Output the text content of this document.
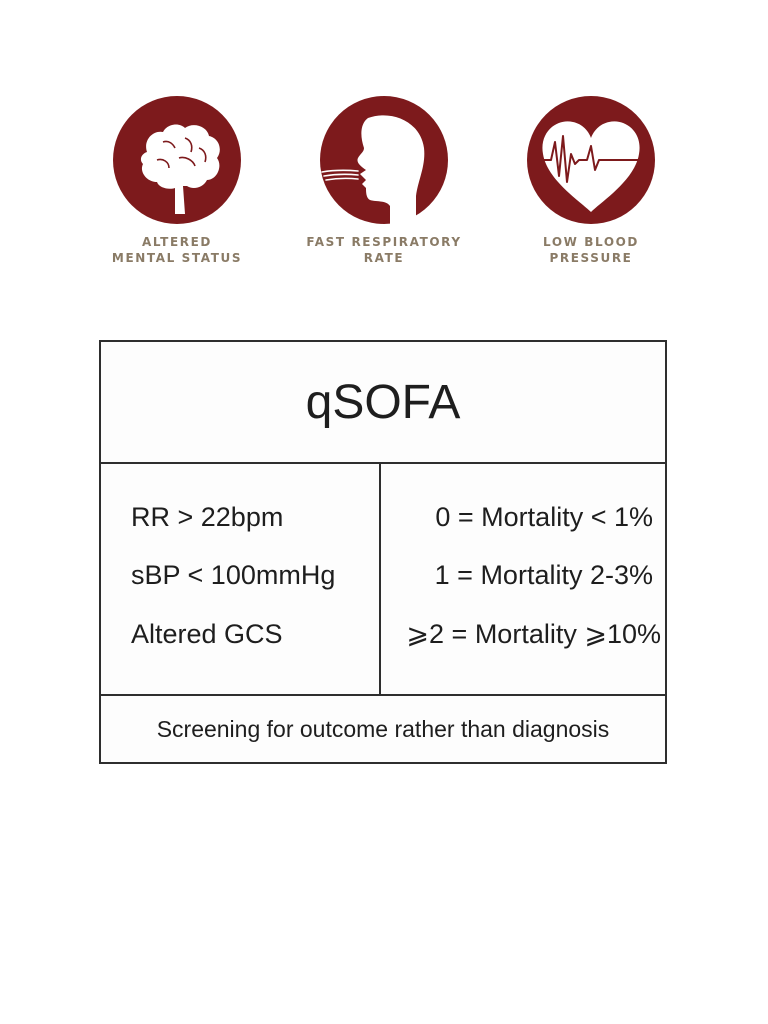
ALTERED
MENTAL STATUS
FAST RESPIRATORY
RATE
LOW BLOOD
PRESSURE
qSOFA
RR > 22bpm
sBP < 100mmHg
Altered GCS
0 = Mortality < 1%
1 = Mortality 2-3%
⩾2 = Mortality ⩾10%
Screening for outcome rather than diagnosis
